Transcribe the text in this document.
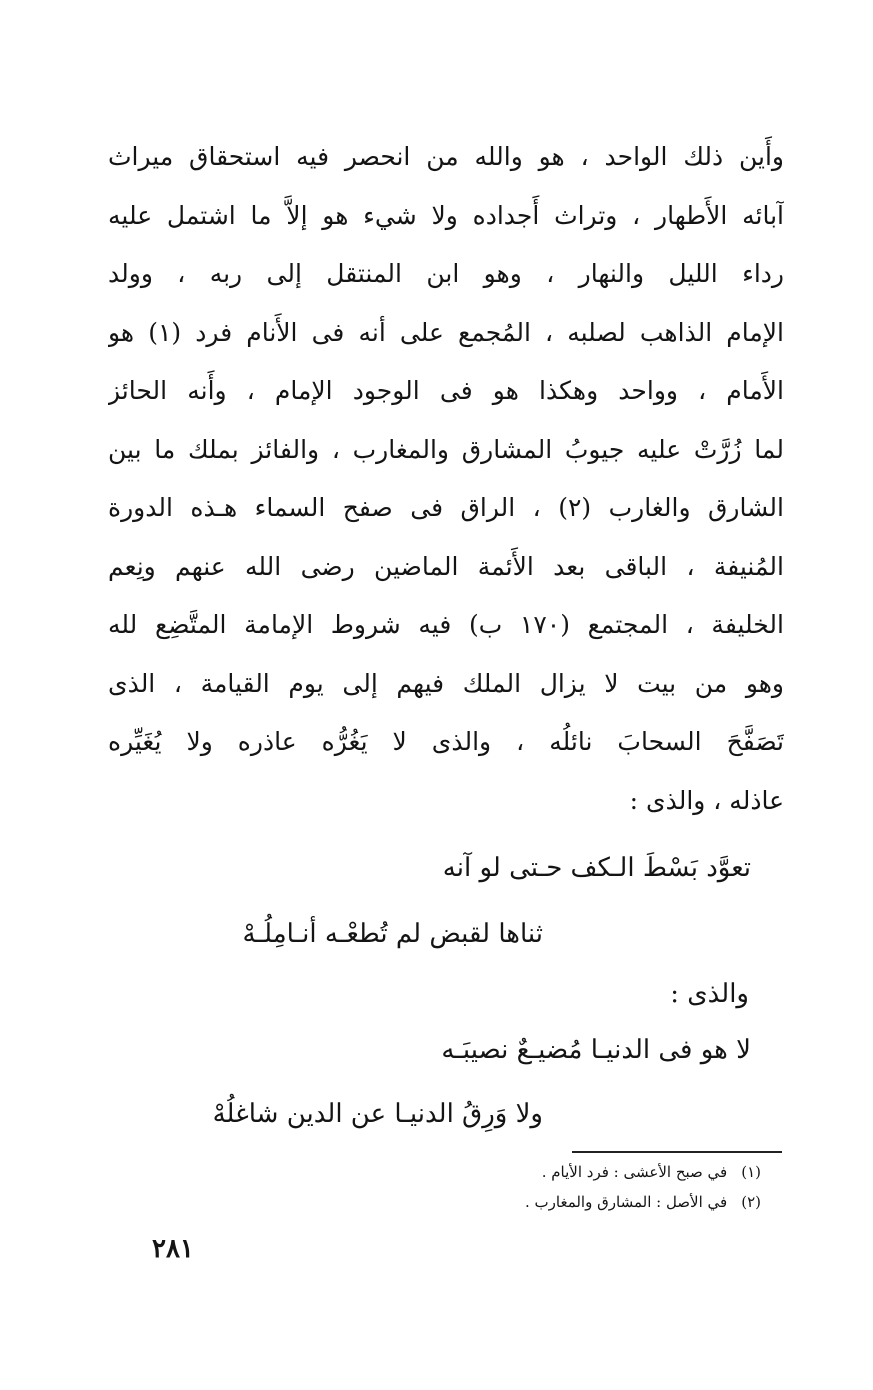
وأَين ذلك الواحد ، هو والله من انحصر فيه استحقاق ميراث
آبائه الأَطهار ، وتراث أَجداده ولا شيء هو إلاَّ ما اشتمل عليه
رداء الليل والنهار ، وهو ابن المنتقل إلى ربه ، وولد
الإمام الذاهب لصلبه ، المُجمع على أنه فى الأَنام فرد (١) هو
الأَمام ، وواحد وهكذا هو فى الوجود الإمام ، وأَنه الحائز
لما زُرَّتْ عليه جيوبُ المشارق والمغارب ، والفائز بملك ما بين
الشارق والغارب (٢) ، الراق فى صفح السماء هـذه الدورة
المُنيفة ، الباقى بعد الأَئمة الماضين رضى الله عنهم ونِعم
الخليفة ، المجتمع (١٧٠ ب) فيه شروط الإمامة المتَّضِع لله
وهو من بيت لا يزال الملك فيهم إلى يوم القيامة ، الذى
تَصَفَّحَ السحابَ نائلُه ، والذى لا يَغُرُّه عاذره ولا يُغَيِّره
عاذله ، والذى :
تعوَّد بَسْطَ الـكف حـتى لو آنه
ثناها لقبض لم تُطعْـه أنـامِلُـهْ
والذى :
لا هو فى الدنيـا مُضيـعٌ نصيبَـه
ولا وَرِقُ الدنيـا عن الدين شاغلُهْ
(١)في صبح الأعشى : فرد الأيام .
(٢)في الأصل : المشارق والمغارب .
٢٨١
